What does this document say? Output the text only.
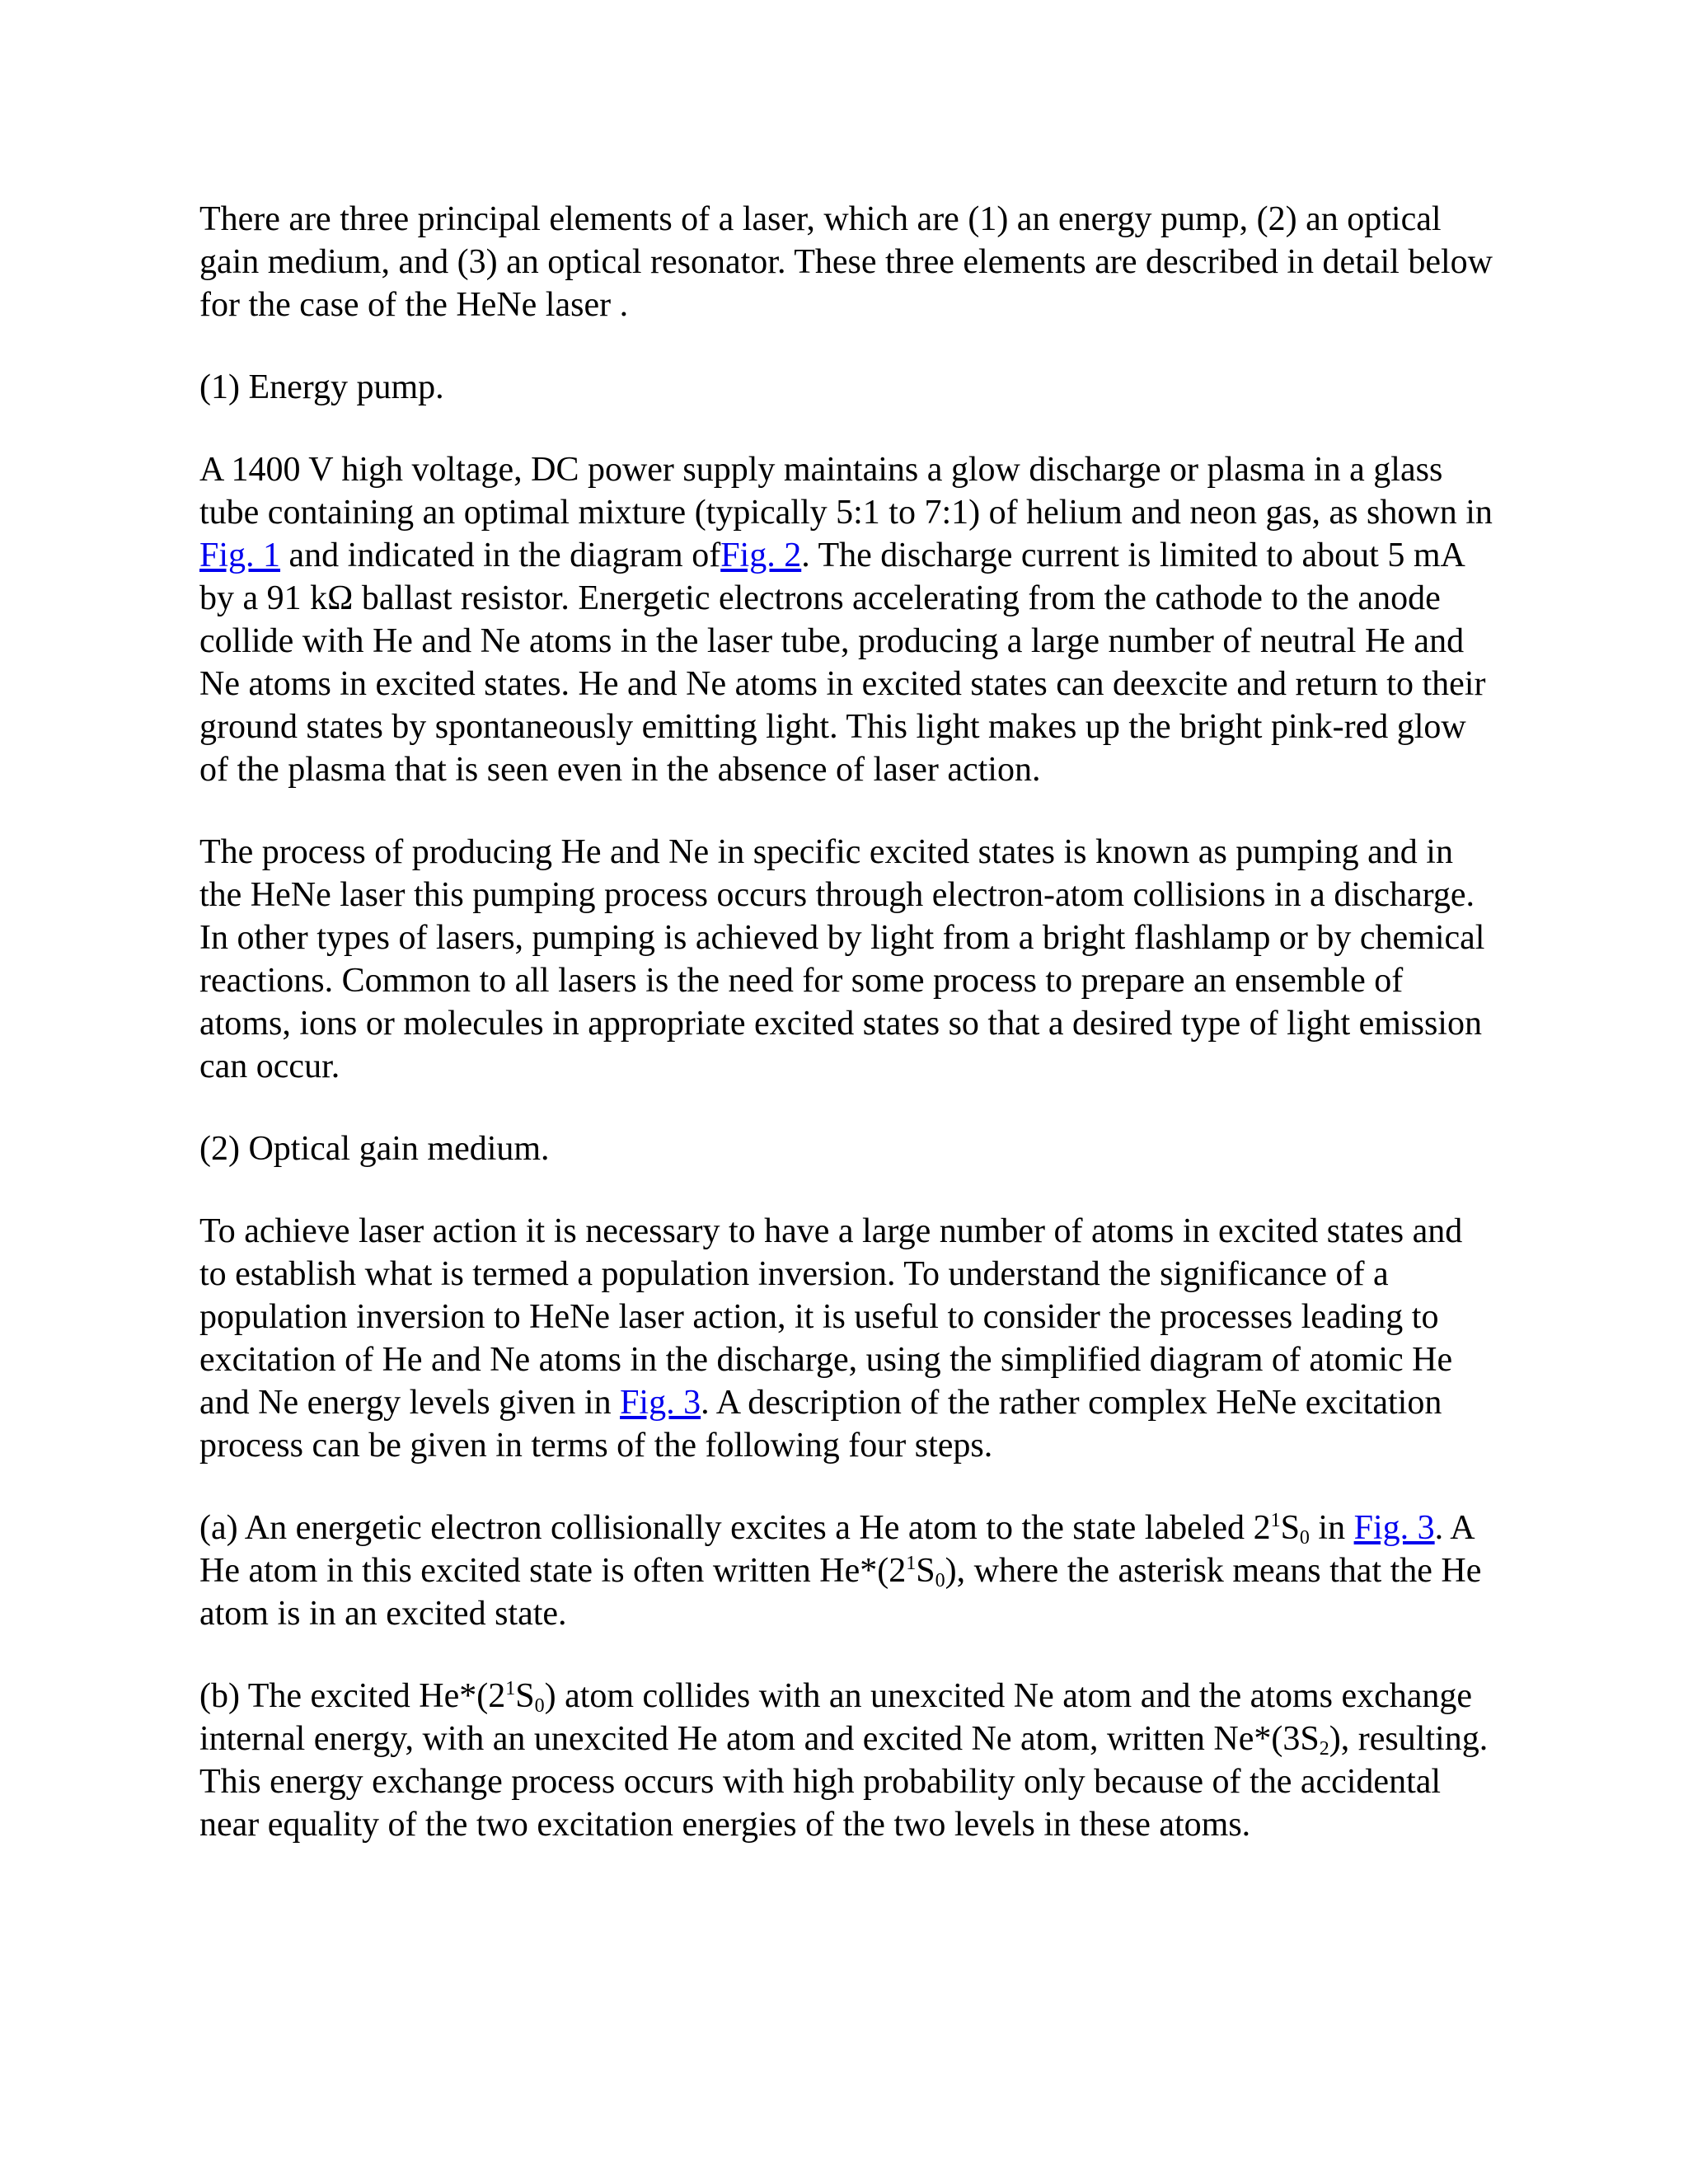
There are three principal elements of a laser, which are (1) an energy pump, (2) an optical gain medium, and (3) an optical resonator. These three elements are described in detail below for the case of the HeNe laser .

(1) Energy pump.

A 1400 V high voltage, DC power supply maintains a glow discharge or plasma in a glass tube containing an optimal mixture (typically 5:1 to 7:1) of helium and neon gas, as shown in Fig. 1 and indicated in the diagram ofFig. 2. The discharge current is limited to about 5 mA by a 91 kΩ ballast resistor. Energetic electrons accelerating from the cathode to the anode collide with He and Ne atoms in the laser tube, producing a large number of neutral He and Ne atoms in excited states. He and Ne atoms in excited states can deexcite and return to their ground states by spontaneously emitting light. This light makes up the bright pink-red glow of the plasma that is seen even in the absence of laser action.

The process of producing He and Ne in specific excited states is known as pumping and in the HeNe laser this pumping process occurs through electron-atom collisions in a discharge. In other types of lasers, pumping is achieved by light from a bright flashlamp or by chemical reactions. Common to all lasers is the need for some process to prepare an ensemble of atoms, ions or molecules in appropriate excited states so that a desired type of light emission can occur.

(2) Optical gain medium.

To achieve laser action it is necessary to have a large number of atoms in excited states and to establish what is termed a population inversion. To understand the significance of a population inversion to HeNe laser action, it is useful to consider the processes leading to excitation of He and Ne atoms in the discharge, using the simplified diagram of atomic He and Ne energy levels given in Fig. 3. A description of the rather complex HeNe excitation process can be given in terms of the following four steps.

(a) An energetic electron collisionally excites a He atom to the state labeled $2^1S_0$ in Fig. 3. A He atom in this excited state is often written $He*(2^1S_0)$, where the asterisk means that the He atom is in an excited state.

(b) The excited $He*(2^1S_0)$ atom collides with an unexcited Ne atom and the atoms exchange internal energy, with an unexcited He atom and excited Ne atom, written $Ne*(3S_2)$, resulting. This energy exchange process occurs with high probability only because of the accidental near equality of the two excitation energies of the two levels in these atoms.
